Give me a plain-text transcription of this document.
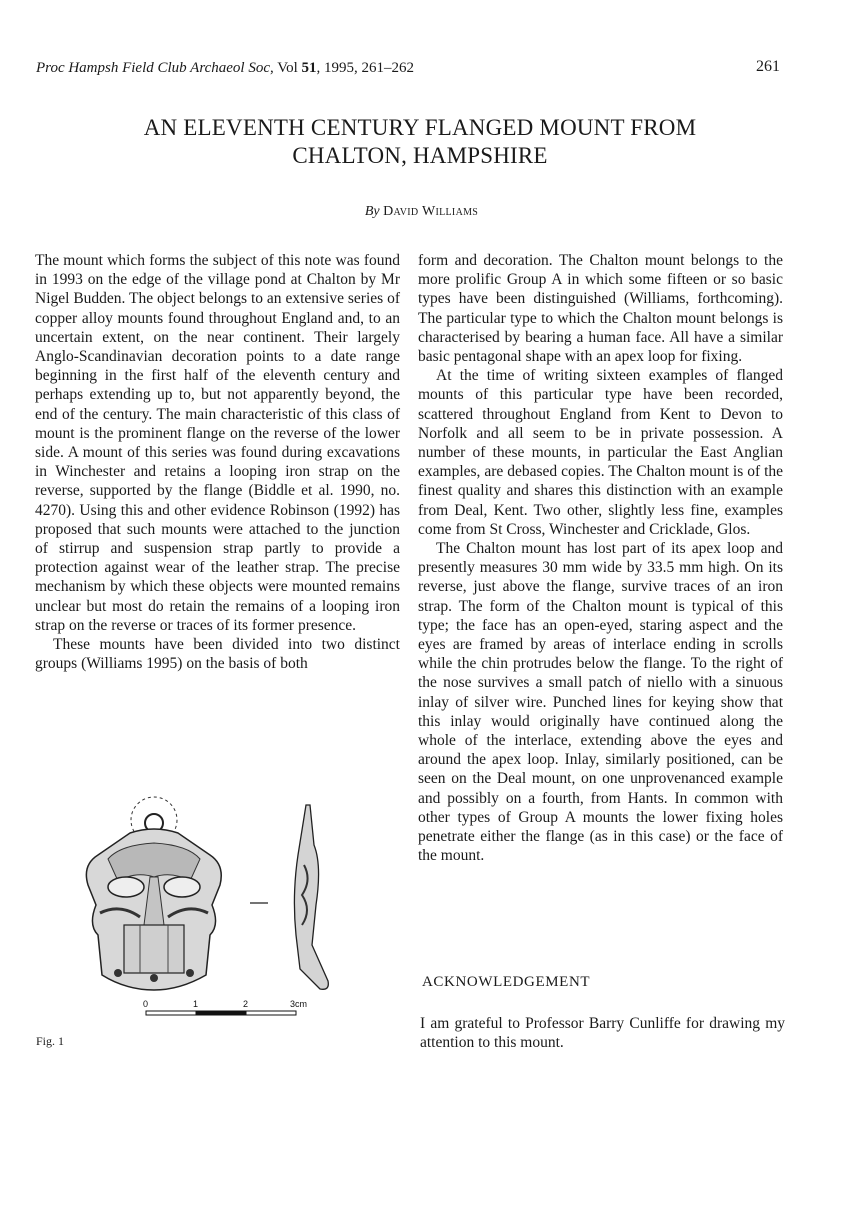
Proc Hampsh Field Club Archaeol Soc, Vol 51, 1995, 261–262	261
AN ELEVENTH CENTURY FLANGED MOUNT FROM
CHALTON, HAMPSHIRE
By David Williams

The mount which forms the subject of this note was found in 1993 on the edge of the village pond at Chalton by Mr Nigel Budden. The object belongs to an extensive series of copper alloy mounts found throughout England and, to an uncertain extent, on the near continent. Their largely Anglo-Scandinavian decoration points to a date range beginning in the first half of the eleventh century and perhaps extending up to, but not apparently beyond, the end of the century. The main characteristic of this class of mount is the prominent flange on the reverse of the lower side. A mount of this series was found during excavations in Winchester and retains a looping iron strap on the reverse, supported by the flange (Biddle et al. 1990, no. 4270). Using this and other evidence Robinson (1992) has proposed that such mounts were attached to the junction of stirrup and suspension strap partly to provide a protection against wear of the leather strap. The precise mechanism by which these objects were mounted remains unclear but most do retain the remains of a looping iron strap on the reverse or traces of its former presence.

These mounts have been divided into two distinct groups (Williams 1995) on the basis of both

form and decoration. The Chalton mount belongs to the more prolific Group A in which some fifteen or so basic types have been distinguished (Williams, forthcoming). The particular type to which the Chalton mount belongs is characterised by bearing a human face. All have a similar basic pentagonal shape with an apex loop for fixing.

At the time of writing sixteen examples of flanged mounts of this particular type have been recorded, scattered throughout England from Kent to Devon to Norfolk and all seem to be in private possession. A number of these mounts, in particular the East Anglian examples, are debased copies. The Chalton mount is of the finest quality and shares this distinction with an example from Deal, Kent. Two other, slightly less fine, examples come from St Cross, Winchester and Cricklade, Glos.

The Chalton mount has lost part of its apex loop and presently measures 30 mm wide by 33.5 mm high. On its reverse, just above the flange, survive traces of an iron strap. The form of the Chalton mount is typical of this type; the face has an open-eyed, staring aspect and the eyes are framed by areas of interlace ending in scrolls while the chin protrudes below the flange. To the right of the nose survives a small patch of niello with a sinuous inlay of silver wire. Punched lines for keying show that this inlay would originally have continued along the whole of the interlace, extending above the eyes and around the apex loop. Inlay, similarly positioned, can be seen on the Deal mount, on one unprovenanced example and possibly on a fourth, from Hants. In common with other types of Group A mounts the lower fixing holes penetrate either the flange (as in this case) or the face of the mount.

0	1	2	3cm
Fig. 1
ACKNOWLEDGEMENT

I am grateful to Professor Barry Cunliffe for drawing my attention to this mount.
